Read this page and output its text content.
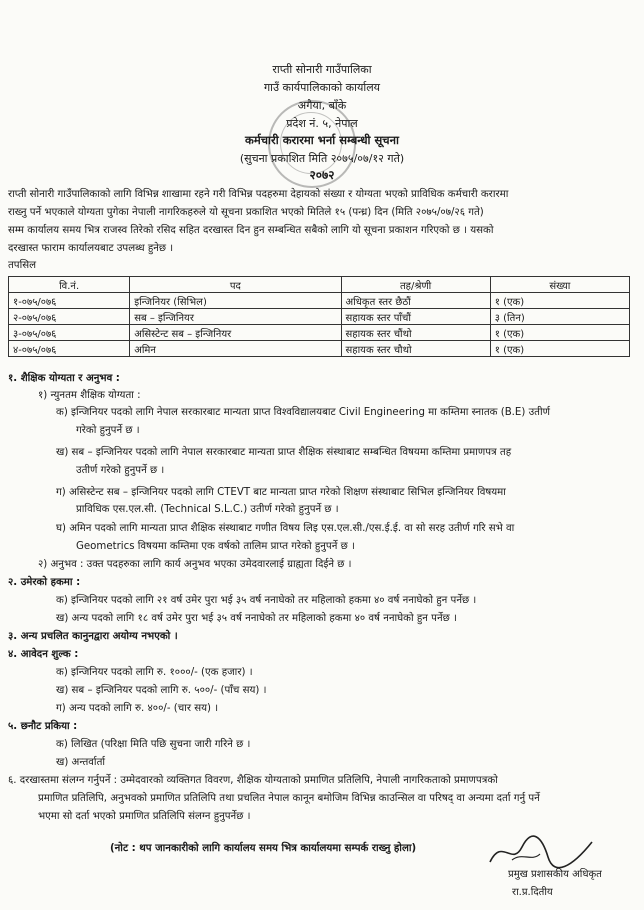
राप्ती सोनारी गाउँपालिका
गाउँ कार्यपालिकाको कार्यालय
अगैया, बाँके
प्रदेश नं. ५, नेपाल
कर्मचारी करारमा भर्ना सम्बन्धी सूचना
(सुचना प्रकाशित मिति २०७५/०७/१२ गते)
२०७२
राप्ती सोनारी गाउँपालिकाको लागि विभिन्न शाखामा रहने गरी विभिन्न पदहरुमा देहायको संख्या र योग्यता भएको प्राविधिक कर्मचारी करारमा
राख्नु पर्ने भएकाले योग्यता पुगेका नेपाली नागरिकहरुले यो सूचना प्रकाशित भएको मितिले १५ (पन्ध्र) दिन (मिति २०७५/०७/२६ गते)
सम्म कार्यालय समय भित्र राजस्व तिरेको रसिद सहित दरखास्त दिन हुन सम्बन्धित सबैको लागि यो सूचना प्रकाशन गरिएको छ । यसको
दरखास्त फाराम कार्यालयबाट उपलब्ध हुनेछ ।
तपसिल
वि.नं.	पद	तह/श्रेणी	संख्या
१-०७५/०७६	इन्जिनियर (सिभिल)	अधिकृत स्तर छैठौं	१ (एक)
२-०७५/०७६	सब – इन्जिनियर	सहायक स्तर पाँचौं	३ (तिन)
३-०७५/०७६	असिस्टेन्ट सब – इन्जिनियर	सहायक स्तर चौंथो	१ (एक)
४-०७५/०७६	अमिन	सहायक स्तर चौथो	१ (एक)
१. शैक्षिक योग्यता र अनुभव :
१) न्युनतम शैक्षिक योग्यता :
क) इन्जिनियर पदको लागि नेपाल सरकारबाट मान्यता प्राप्त विश्वविद्यालयबाट Civil Engineering मा कम्तिमा स्नातक (B.E) उतीर्ण
गरेको हुनुपर्ने छ ।
ख) सब – इन्जिनियर पदको लागि नेपाल सरकारबाट मान्यता प्राप्त शैक्षिक संस्थाबाट सम्बन्धित विषयमा कम्तिमा प्रमाणपत्र तह
उतीर्ण गरेको हुनुपर्ने छ ।
ग) असिस्टेन्ट सब – इन्जिनियर पदको लागि CTEVT बाट मान्यता प्राप्त गरेको शिक्षण संस्थाबाट सिभिल इन्जिनियर विषयमा
प्राविधिक एस.एल.सी. (Technical S.L.C.) उतीर्ण गरेको हुनुपर्ने छ ।
घ) अमिन पदको लागि मान्यता प्राप्त शैक्षिक संस्थाबाट गणीत विषय लिइ एस.एल.सी./एस.ई.ई. वा सो सरह उतीर्ण गरि सभे वा
Geometrics विषयमा कम्तिमा एक वर्षको तालिम प्राप्त गरेको हुनुपर्ने छ ।
२) अनुभव : उक्त पदहरुका लागि कार्य अनुभव भएका उमेदवारलाई ग्राह्यता दिईने छ ।
२. उमेरको हकमा :
क) इन्जिनियर पदको लागि २१ वर्ष उमेर पुरा भई ३५ वर्ष ननाघेको तर महिलाको हकमा ४० वर्ष ननाघेको हुन पर्नेछ ।
ख) अन्य पदको लागि १८ वर्ष उमेर पुरा भई ३५ वर्ष ननाघेको तर महिलाको हकमा ४० वर्ष ननाघेको हुन पर्नेछ ।
३. अन्य प्रचलित कानुनद्वारा अयोग्य नभएको ।
४. आवेदन शुल्क :
क) इन्जिनियर पदको लागि रु. १०००/- (एक हजार) ।
ख) सब – इन्जिनियर पदको लागि रु. ५००/- (पाँच सय) ।
ग) अन्य पदको लागि रु. ४००/- (चार सय) ।
५. छनौट प्रकिया :
क) लिखित (परिक्षा मिति पछि सुचना जारी गरिने छ ।
ख) अन्तर्वार्ता
६. दरखास्तमा संलग्न गर्नुपर्ने : उम्मेदवारको व्यक्तिगत विवरण, शैक्षिक योग्यताको प्रमाणित प्रतिलिपि, नेपाली नागरिकताको प्रमाणपत्रको
प्रमाणित प्रतिलिपि, अनुभवको प्रमाणित प्रतिलिपि तथा प्रचलित नेपाल कानून बमोजिम विभिन्न काउन्सिल वा परिषद् वा अन्यमा दर्ता गर्नु पर्ने
भएमा सो दर्ता भएको प्रमाणित प्रतिलिपि संलग्न हुनुपर्नेछ ।
(नोट : थप जानकारीको लागि कार्यालय समय भित्र कार्यालयमा सम्पर्क राख्नु होला)
प्रमुख प्रशासकीय अधिकृत
रा.प्र.दितीय
